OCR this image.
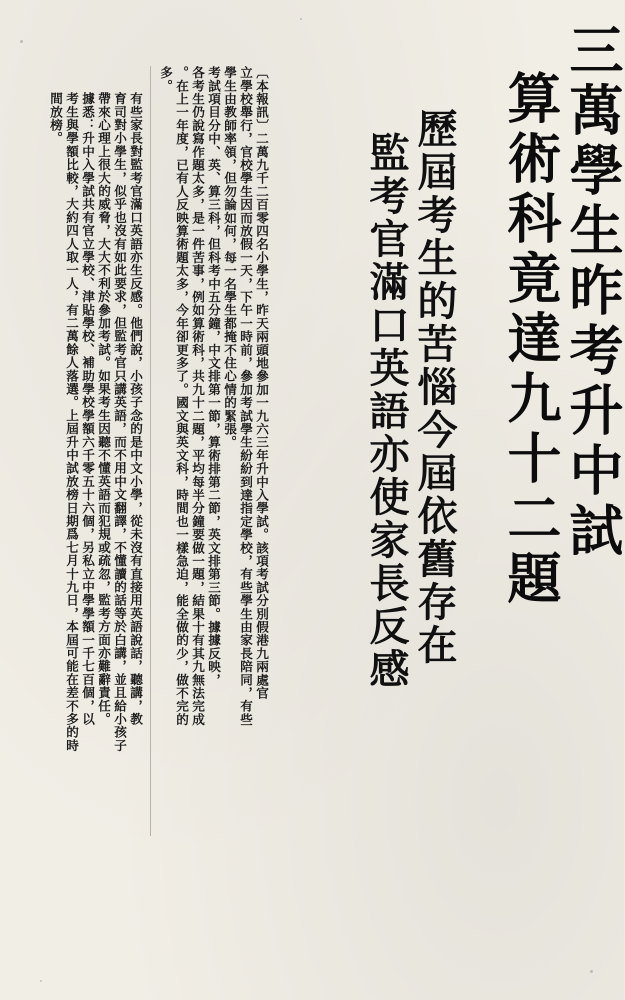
三萬學生昨考升中試
算術科竟達九十二題
歷屆考生的苦惱今屆依舊存在
監考官滿口英語亦使家長反感
〔本報訊〕二萬九千二百零四名小學生，昨天兩頭地參加一九六三年升中入學試。該項考試分別假港九兩處官
立學校舉行，官校學生因而放假一天，下午一時前，參加考試學生紛紛到達指定學校，有些學生由家長陪同，有些
學生由教師率領，但勿論如何，每一名學生都掩不住心情的緊張。
考試項目分中、英、算三科，但科考中五分鐘，中文排第一節，算術排第二節，英文排第三節。據據反映，
各考生仍說寫作題太多，是一件苦事，例如算術科，共九十二題，平均每半分鐘要做一題，結果十有其九無法完成
。在上一年度，已有人反映算術題太多，今年卻更多了。國文與英文科，時間也一樣急迫，能全做的少，做不完的
多。
有些家長對監考官滿口英語亦生反感。他們說，小孩子念的是中文小學，從未沒有直接用英語說話，聽講，教
育司對小學生，似乎也沒有如此要求，但監考官只講英語，而不用中文翻譯，不懂讀的話等於白講，並且給小孩子
帶來心理上很大的威脅，大大不利於參加考試。如果考生因聽不懂英語而犯規或疏忽，監考方面亦難辭責任。
據悉：升中入學試共有官立學校、津貼學校、補助學校學額六千零五十六個，另私立中學學額一千七百個，以
考生與學額比較，大約四人取一人，有二萬餘人落選。上屆升中試放榜日期爲七月十九日，本屆可能在差不多的時
間放榜。
